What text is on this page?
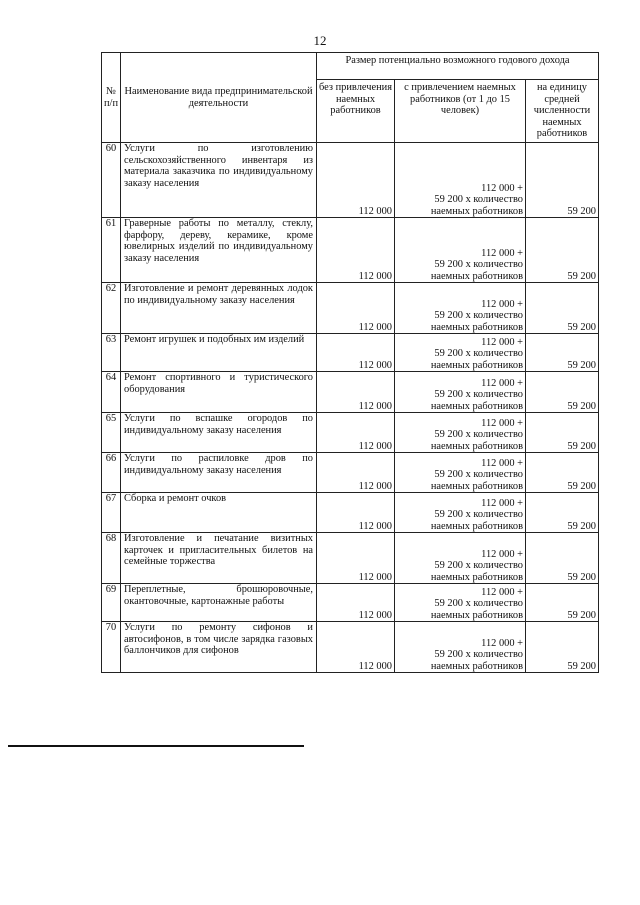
12
№ п/п	Наименование вида предпринимательской деятельности	Размер потенциально возможного годового дохода		
		без привлечения наемных работников	с привлечением наемных работников (от 1 до 15 человек)	на единицу средней численности наемных работников
60	Услуги по изготовлению сельскохозяйственного инвентаря из материала заказчика по индивидуальному заказу населения	112 000	112 000 +
59 200 х количество
наемных работников	59 200
61	Граверные работы по металлу, стеклу, фарфору, дереву, керамике, кроме ювелирных изделий по индивидуальному заказу населения	112 000	112 000 +
59 200 х количество
наемных работников	59 200
62	Изготовление и ремонт деревянных лодок по индивидуальному заказу населения	112 000	112 000 +
59 200 х количество
наемных работников	59 200
63	Ремонт игрушек и подобных им изделий	112 000	112 000 +
59 200 х количество
наемных работников	59 200
64	Ремонт спортивного и туристического оборудования	112 000	112 000 +
59 200 х количество
наемных работников	59 200
65	Услуги по вспашке огородов по индивидуальному заказу населения	112 000	112 000 +
59 200 х количество
наемных работников	59 200
66	Услуги по распиловке дров по индивидуальному заказу населения	112 000	112 000 +
59 200 х количество
наемных работников	59 200
67	Сборка и ремонт очков	112 000	112 000 +
59 200 х количество
наемных работников	59 200
68	Изготовление и печатание визитных карточек и пригласительных билетов на семейные торжества	112 000	112 000 +
59 200 х количество
наемных работников	59 200
69	Переплетные, брошюровочные, окантовочные, картонажные работы	112 000	112 000 +
59 200 х количество
наемных работников	59 200
70	Услуги по ремонту сифонов и автосифонов, в том числе зарядка газовых баллончиков для сифонов	112 000	112 000 +
59 200 х количество
наемных работников	59 200
